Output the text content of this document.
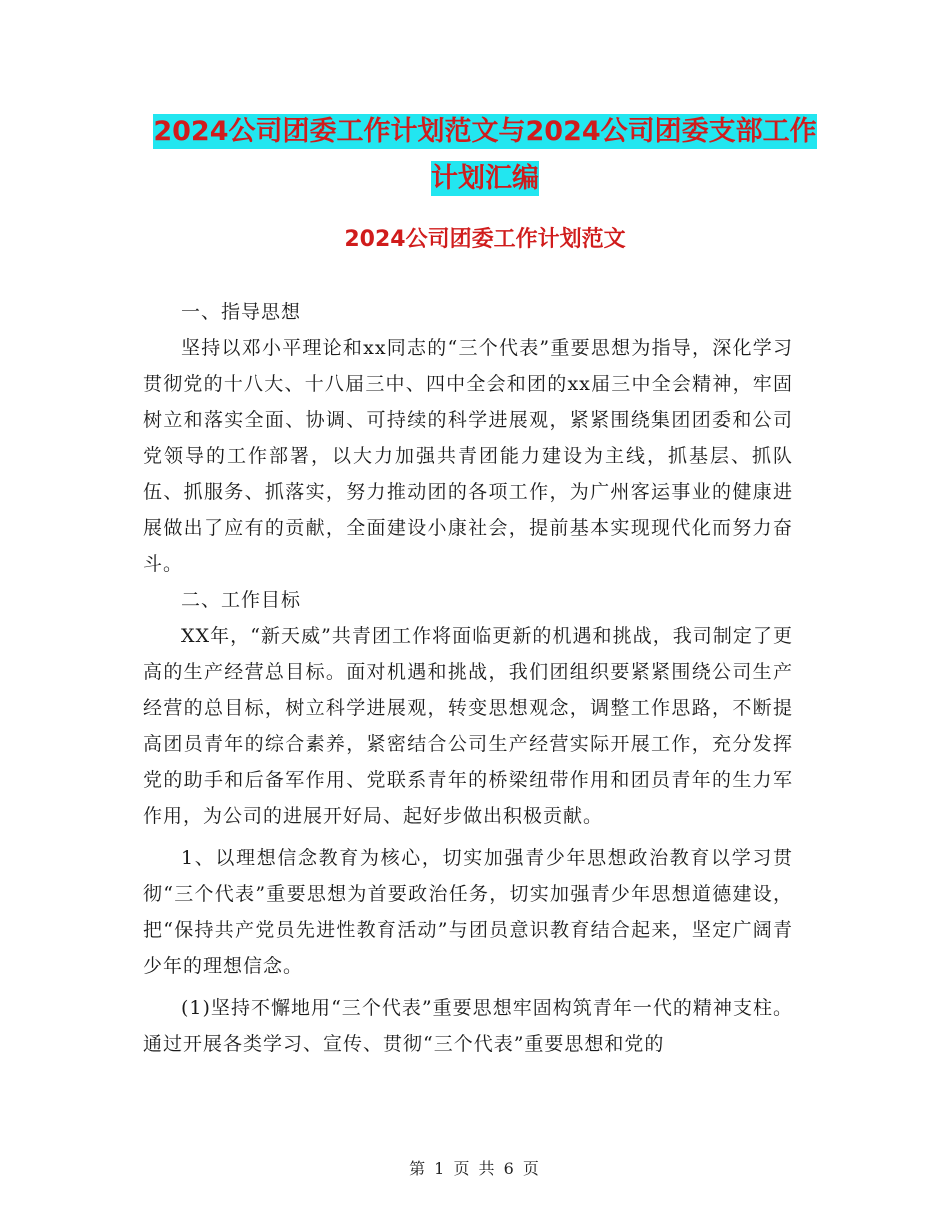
2024公司团委工作计划范文与2024公司团委支部工作
计划汇编
2024公司团委工作计划范文

一、指导思想

坚持以邓小平理论和xx同志的“三个代表”重要思想为指导，深化学习贯彻党的十八大、十八届三中、四中全会和团的xx届三中全会精神，牢固树立和落实全面、协调、可持续的科学进展观，紧紧围绕集团团委和公司党领导的工作部署，以大力加强共青团能力建设为主线，抓基层、抓队伍、抓服务、抓落实，努力推动团的各项工作，为广州客运事业的健康进展做出了应有的贡献，全面建设小康社会，提前基本实现现代化而努力奋斗。

二、工作目标

XX年，“新天威”共青团工作将面临更新的机遇和挑战，我司制定了更高的生产经营总目标。面对机遇和挑战，我们团组织要紧紧围绕公司生产经营的总目标，树立科学进展观，转变思想观念，调整工作思路，不断提高团员青年的综合素养，紧密结合公司生产经营实际开展工作，充分发挥党的助手和后备军作用、党联系青年的桥梁纽带作用和团员青年的生力军作用，为公司的进展开好局、起好步做出积极贡献。

1、以理想信念教育为核心，切实加强青少年思想政治教育以学习贯彻“三个代表”重要思想为首要政治任务，切实加强青少年思想道德建设，把“保持共产党员先进性教育活动”与团员意识教育结合起来，坚定广阔青少年的理想信念。

(1)坚持不懈地用“三个代表”重要思想牢固构筑青年一代的精神支柱。通过开展各类学习、宣传、贯彻“三个代表”重要思想和党的

第 1 页 共 6 页
